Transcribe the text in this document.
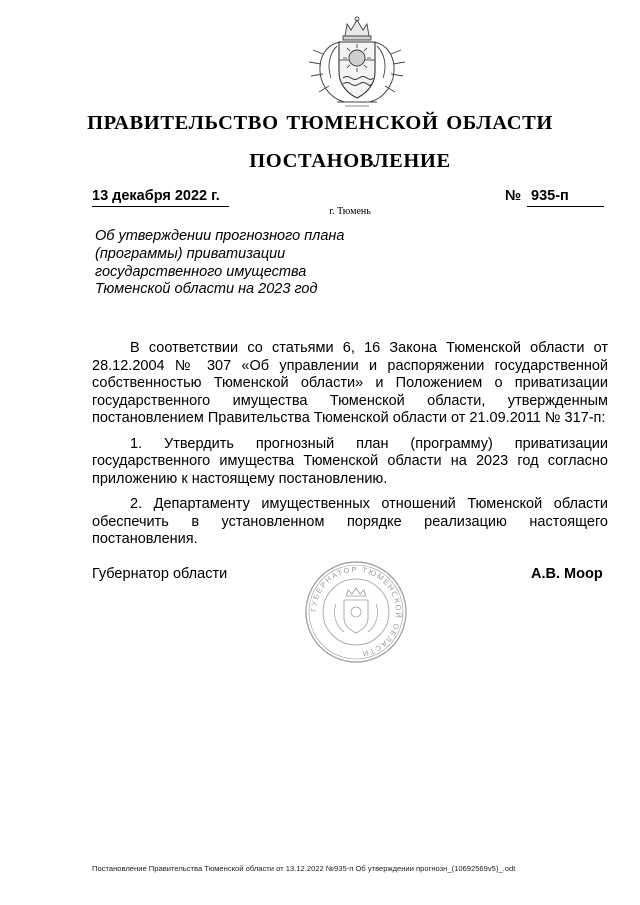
ПРАВИТЕЛЬСТВО ТЮМЕНСКОЙ ОБЛАСТИ
ПОСТАНОВЛЕНИЕ
13 декабря 2022 г.	№ 935-п
г. Тюмень
Об утверждении прогнозного плана
(программы) приватизации
государственного имущества
Тюменской области на 2023 год

В соответствии со статьями 6, 16 Закона Тюменской области от 28.12.2004 № 307 «Об управлении и распоряжении государственной собственностью Тюменской области» и Положением о приватизации государственного имущества Тюменской области, утвержденным постановлением Правительства Тюменской области от 21.09.2011 № 317-п:

1. Утвердить прогнозный план (программу) приватизации государственного имущества Тюменской области на 2023 год согласно приложению к настоящему постановлению.

2. Департаменту имущественных отношений Тюменской области обеспечить в установленном порядке реализацию настоящего постановления.

Губернатор области
ГУБЕРНАТОР ТЮМЕНСКОЙ ОБЛАСТИ
А.В. Моор
Постановление Правительства Тюменской области от 13.12.2022 №935-п Об утверждении прогнозн_(10692569v5)_.odt
